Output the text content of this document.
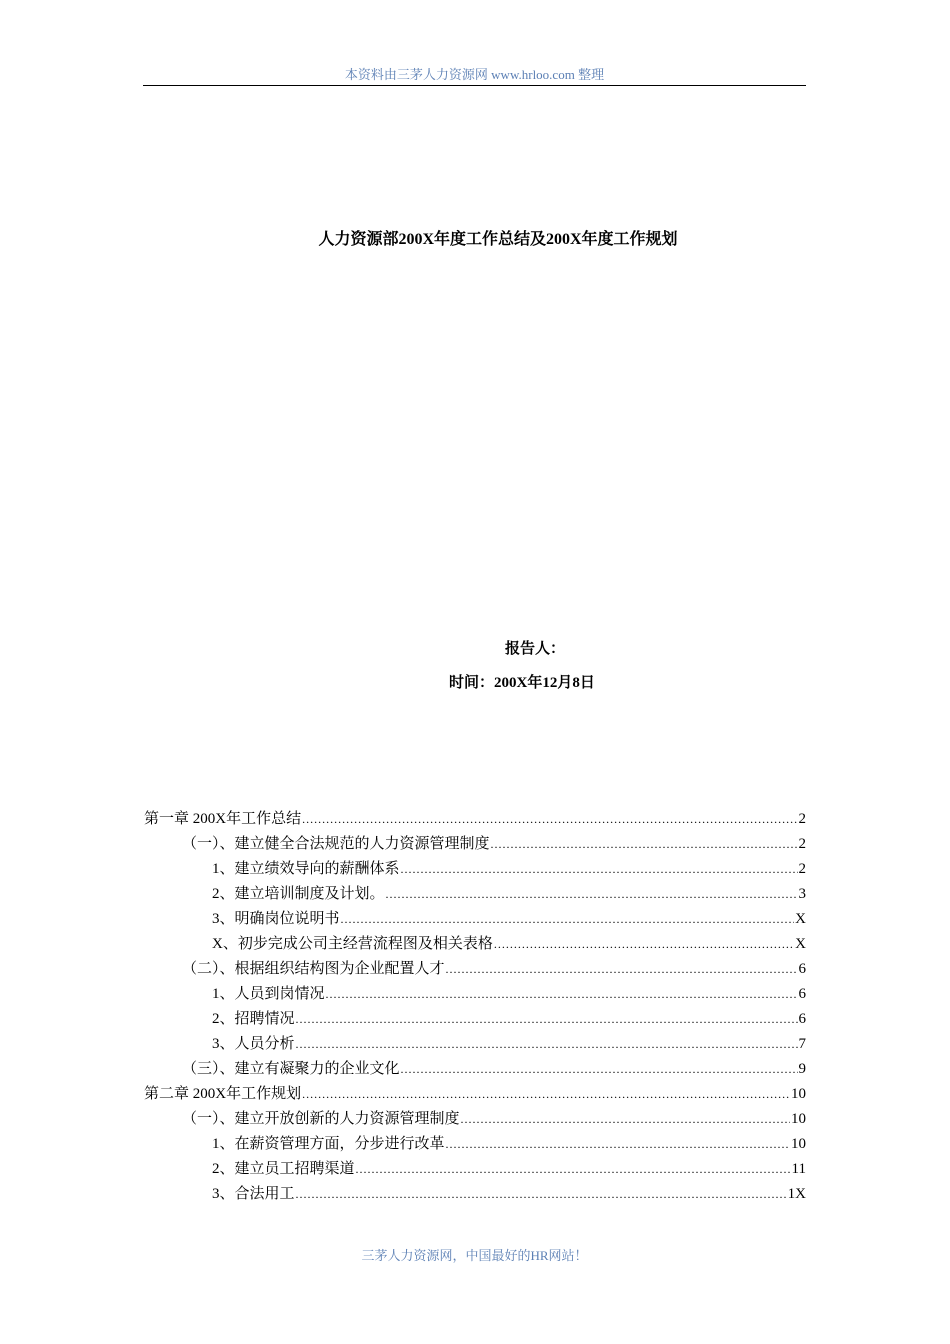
本资料由三茅人力资源网 www.hrloo.com 整理
人力资源部200X年度工作总结及200X年度工作规划
报告人：
时间：200X年12月8日
第一章 200X年工作总结 .....	2
（一）、建立健全合法规范的人力资源管理制度 .....	2
1、建立绩效导向的薪酬体系 .....	2
2、建立培训制度及计划。 .....	3
3、明确岗位说明书 .....	X
X、初步完成公司主经营流程图及相关表格 .....	X
（二）、根据组织结构图为企业配置人才 .....	6
1、人员到岗情况 .....	6
2、招聘情况 .....	6
3、人员分析 .....	7
（三）、建立有凝聚力的企业文化 .....	9
第二章 200X年工作规划 .....	10
（一）、建立开放创新的人力资源管理制度 .....	10
1、在薪资管理方面，分步进行改革 .....	10
2、建立员工招聘渠道 .....	11
3、合法用工 .....	1X
三茅人力资源网，中国最好的HR网站！
